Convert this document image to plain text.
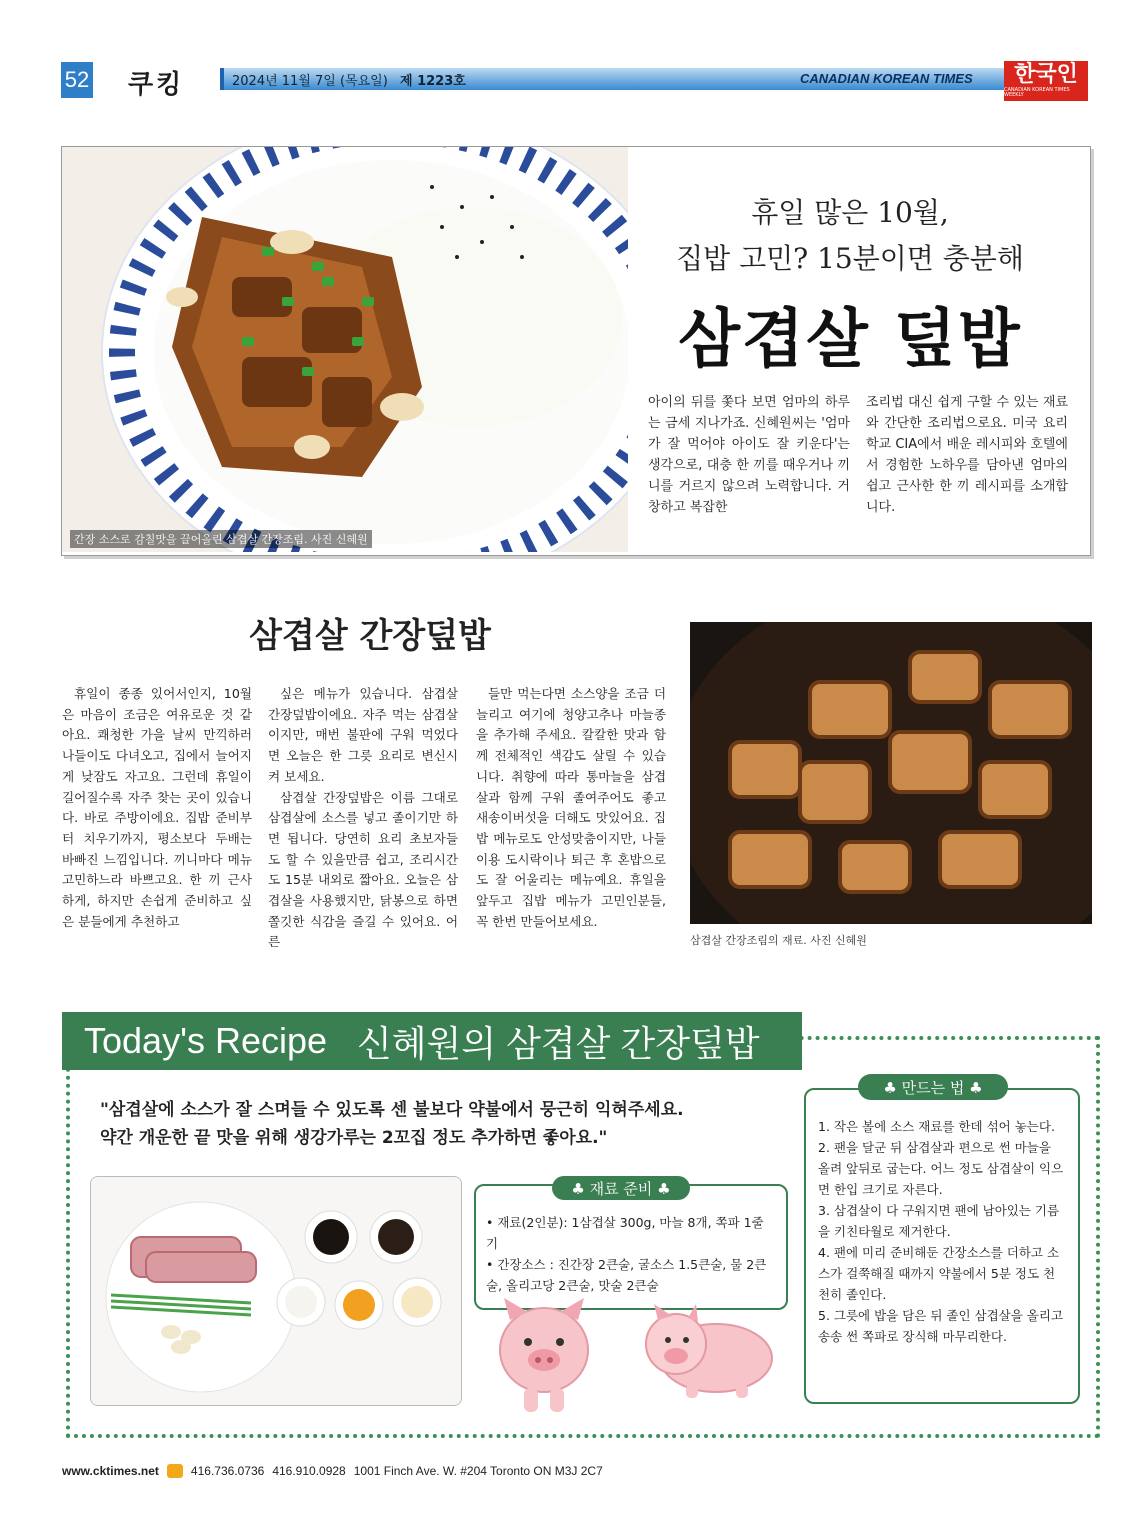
52 쿠킹	2024년 11월 7일 (목요일) 제 1223호	CANADIAN KOREAN TIMES 한국인
CANADIAN KOREAN TIMES WEEKLY
간장 소스로 감칠맛을 끌어올린 삼겹살 간장조림. 사진 신혜원
휴일 많은 10월,
집밥 고민? 15분이면 충분해
삼겹살 덮밥
아이의 뒤를 쫓다 보면 엄마의 하루는 금세 지나가죠. 신혜원씨는 '엄마가 잘 먹어야 아이도 잘 키운다'는 생각으로, 대충 한 끼를 때우거나 끼니를 거르지 않으려 노력합니다. 거창하고 복잡한
조리법 대신 쉽게 구할 수 있는 재료와 간단한 조리법으로요. 미국 요리학교 CIA에서 배운 레시피와 호텔에서 경험한 노하우를 담아낸 엄마의 쉽고 근사한 한 끼 레시피를 소개합니다.
삼겹살 간장덮밥
휴일이 종종 있어서인지, 10월은 마음이 조금은 여유로운 것 같아요. 쾌청한 가을 날씨 만끽하러 나들이도 다녀오고, 집에서 늘어지게 낮잠도 자고요. 그런데 휴일이 길어질수록 자주 찾는 곳이 있습니다. 바로 주방이에요. 집밥 준비부터 치우기까지, 평소보다 두배는 바빠진 느낌입니다. 끼니마다 메뉴 고민하느라 바쁘고요. 한 끼 근사하게, 하지만 손쉽게 준비하고 싶은 분들에게 추천하고
싶은 메뉴가 있습니다. 삼겹살 간장덮밥이에요. 자주 먹는 삼겹살이지만, 매번 불판에 구워 먹었다면 오늘은 한 그릇 요리로 변신시켜 보세요.
삼겹살 간장덮밥은 이름 그대로 삼겹살에 소스를 넣고 졸이기만 하면 됩니다. 당연히 요리 초보자들도 할 수 있을만큼 쉽고, 조리시간도 15분 내외로 짧아요. 오늘은 삼겹살을 사용했지만, 닭봉으로 하면 쫄깃한 식감을 즐길 수 있어요. 어른
들만 먹는다면 소스양을 조금 더 늘리고 여기에 청양고추나 마늘종을 추가해 주세요. 칼칼한 맛과 함께 전체적인 색감도 살릴 수 있습니다. 취향에 따라 통마늘을 삼겹살과 함께 구워 졸여주어도 좋고 새송이버섯을 더해도 맛있어요. 집밥 메뉴로도 안성맞춤이지만, 나들이용 도시락이나 퇴근 후 혼밥으로도 잘 어울리는 메뉴예요. 휴일을 앞두고 집밥 메뉴가 고민인분들, 꼭 한번 만들어보세요.
삼겹살 간장조림의 재료. 사진 신혜원
Today's Recipe 신혜원의 삼겹살 간장덮밥
"삼겹살에 소스가 잘 스며들 수 있도록 센 불보다 약불에서 뭉근히 익혀주세요.
약간 개운한 끝 맛을 위해 생강가루는 2꼬집 정도 추가하면 좋아요."
♣ 재료 준비 ♣
• 재료(2인분): 1삼겹살 300g, 마늘 8개, 쪽파 1줄기
• 간장소스 : 진간장 2큰술, 굴소스 1.5큰술, 물 2큰술, 올리고당 2큰술, 맛술 2큰술
♣ 만드는 법 ♣
1. 작은 볼에 소스 재료를 한데 섞어 놓는다.
2. 팬을 달군 뒤 삼겹살과 편으로 썬 마늘을 올려 앞뒤로 굽는다. 어느 정도 삼겹살이 익으면 한입 크기로 자른다.
3. 삼겹살이 다 구워지면 팬에 남아있는 기름을 키친타월로 제거한다.
4. 팬에 미리 준비해둔 간장소스를 더하고 소스가 걸쭉해질 때까지 약불에서 5분 정도 천천히 졸인다.
5. 그릇에 밥을 담은 뒤 졸인 삼겹살을 올리고 송송 썬 쪽파로 장식해 마무리한다.
www.cktimes.net	416.736.0736 416.910.0928 1001 Finch Ave. W. #204 Toronto ON M3J 2C7
